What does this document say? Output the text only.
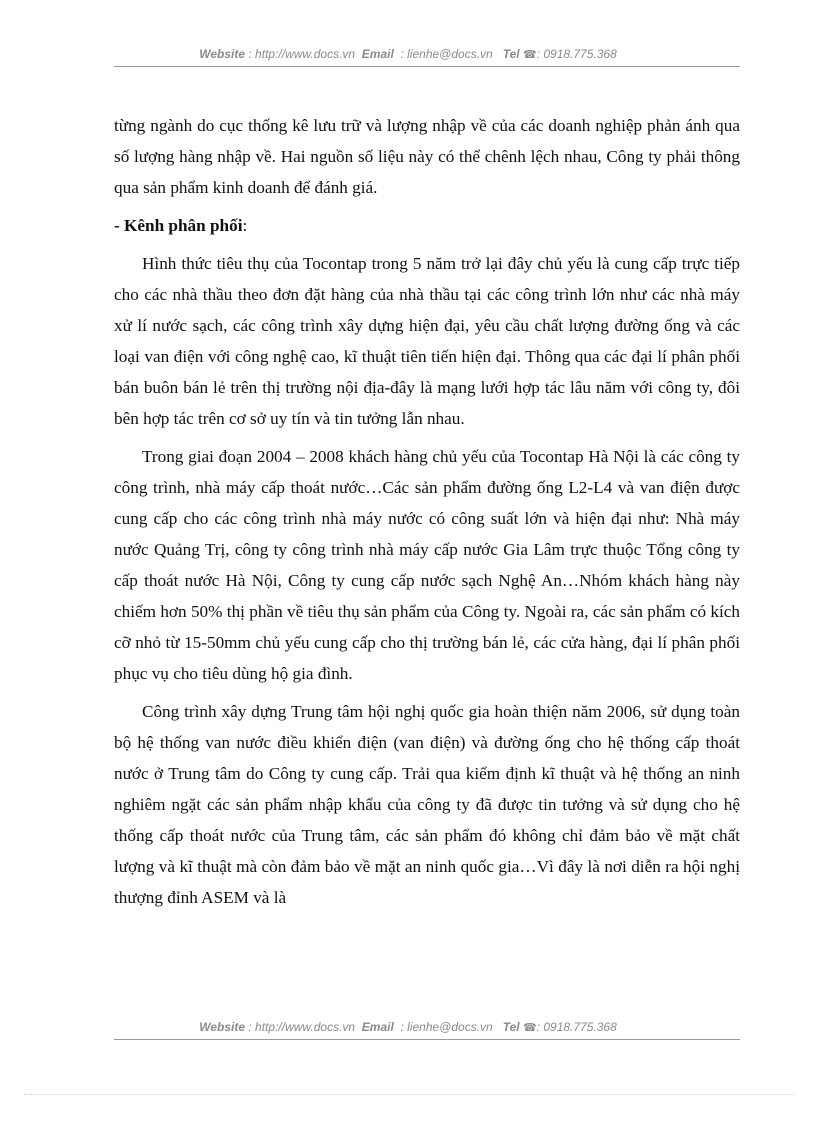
Website : http://www.docs.vn Email : lienhe@docs.vn Tel ☎: 0918.775.368

từng ngành do cục thống kê lưu trữ và lượng nhập về của các doanh nghiệp phản ánh qua số lượng hàng nhập về. Hai nguồn số liệu này có thể chênh lệch nhau, Công ty phải thông qua sản phẩm kinh doanh để đánh giá.

- Kênh phân phối:

Hình thức tiêu thụ của Tocontap trong 5 năm trở lại đây chủ yếu là cung cấp trực tiếp cho các nhà thầu theo đơn đặt hàng của nhà thầu tại các công trình lớn như các nhà máy xử lí nước sạch, các công trình xây dựng hiện đại, yêu cầu chất lượng đường ống và các loại van điện với công nghệ cao, kĩ thuật tiên tiến hiện đại. Thông qua các đại lí phân phối bán buôn bán lẻ trên thị trường nội địa-đây là mạng lưới hợp tác lâu năm với công ty, đôi bên hợp tác trên cơ sở uy tín và tin tưởng lẫn nhau.

Trong giai đoạn 2004 – 2008 khách hàng chủ yếu của Tocontap Hà Nội là các công ty công trình, nhà máy cấp thoát nước…Các sản phẩm đường ống L2-L4 và van điện được cung cấp cho các công trình nhà máy nước có công suất lớn và hiện đại như: Nhà máy nước Quảng Trị, công ty công trình nhà máy cấp nước Gia Lâm trực thuộc Tổng công ty cấp thoát nước Hà Nội, Công ty cung cấp nước sạch Nghệ An…Nhóm khách hàng này chiếm hơn 50% thị phần về tiêu thụ sản phẩm của Công ty. Ngoài ra, các sản phẩm có kích cỡ nhỏ từ 15-50mm chủ yếu cung cấp cho thị trường bán lẻ, các cửa hàng, đại lí phân phối phục vụ cho tiêu dùng hộ gia đình.

Công trình xây dựng Trung tâm hội nghị quốc gia hoàn thiện năm 2006, sử dụng toàn bộ hệ thống van nước điều khiển điện (van điện) và đường ống cho hệ thống cấp thoát nước ở Trung tâm do Công ty cung cấp. Trải qua kiểm định kĩ thuật và hệ thống an ninh nghiêm ngặt các sản phẩm nhập khẩu của công ty đã được tin tưởng và sử dụng cho hệ thống cấp thoát nước của Trung tâm, các sản phẩm đó không chỉ đảm bảo về mặt chất lượng và kĩ thuật mà còn đảm bảo về mặt an ninh quốc gia…Vì đây là nơi diễn ra hội nghị thượng đỉnh ASEM và là

Website : http://www.docs.vn Email : lienhe@docs.vn Tel ☎: 0918.775.368
